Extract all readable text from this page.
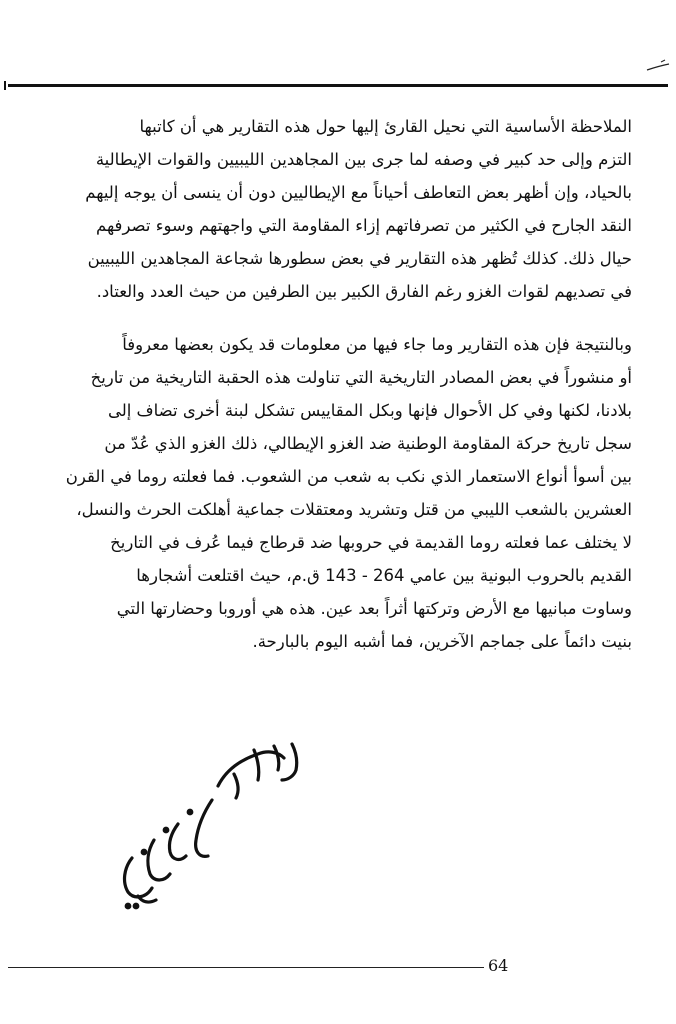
الملاحظة الأساسية التي نحيل القارئ إليها حول هذه التقارير هي أن كاتبها
التزم وإلى حد كبير في وصفه لما جرى بين المجاهدين الليبيين والقوات الإيطالية
بالحياد، وإن أظهر بعض التعاطف أحياناً مع الإيطاليين دون أن ينسى أن يوجه إليهم
النقد الجارح في الكثير من تصرفاتهم إزاء المقاومة التي واجهتهم وسوء تصرفهم
حيال ذلك. كذلك تُظهر هذه التقارير في بعض سطورها شجاعة المجاهدين الليبيين
في تصديهم لقوات الغزو رغم الفارق الكبير بين الطرفين من حيث العدد والعتاد.
وبالنتيجة فإن هذه التقارير وما جاء فيها من معلومات قد يكون بعضها معروفاً
أو منشوراً في بعض المصادر التاريخية التي تناولت هذه الحقبة التاريخية من تاريخ
بلادنا، لكنها وفي كل الأحوال فإنها وبكل المقاييس تشكل لبنة أخرى تضاف إلى
سجل تاريخ حركة المقاومة الوطنية ضد الغزو الإيطالي، ذلك الغزو الذي عُدّ من
بين أسوأ أنواع الاستعمار الذي نكب به شعب من الشعوب. فما فعلته روما في القرن
العشرين بالشعب الليبي من قتل وتشريد ومعتقلات جماعية أهلكت الحرث والنسل،
لا يختلف عما فعلته روما القديمة في حروبها ضد قرطاج فيما عُرف في التاريخ
القديم بالحروب البونية بين عامي 264 - 143 ق.م، حيث اقتلعت أشجارها
وساوت مبانيها مع الأرض وتركتها أثراً بعد عين. هذه هي أوروبا وحضارتها التي
بنيت دائماً على جماجم الآخرين، فما أشبه اليوم بالبارحة.
64
